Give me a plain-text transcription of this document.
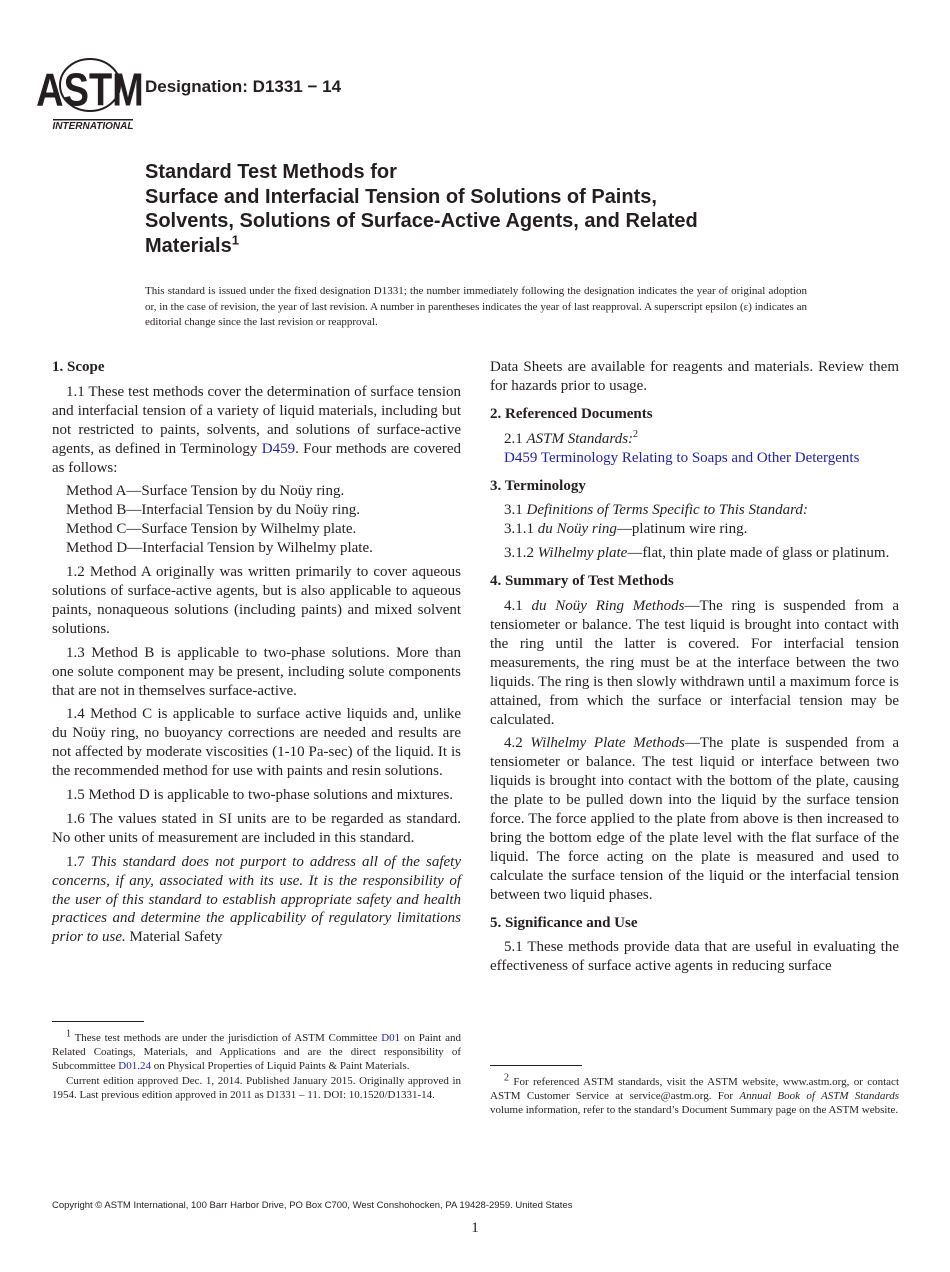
ASTM
INTERNATIONAL
Designation: D1331 − 14
Standard Test Methods for
Surface and Interfacial Tension of Solutions of Paints,
Solvents, Solutions of Surface-Active Agents, and Related
Materials$^1$
This standard is issued under the fixed designation D1331; the number immediately following the designation indicates the year of original adoption or, in the case of revision, the year of last revision. A number in parentheses indicates the year of last reapproval. A superscript epsilon (ε) indicates an editorial change since the last revision or reapproval.
1. Scope
1.1 These test methods cover the determination of surface tension and interfacial tension of a variety of liquid materials, including but not restricted to paints, solvents, and solutions of surface-active agents, as defined in Terminology D459. Four methods are covered as follows:
Method A—Surface Tension by du Noüy ring.
Method B—Interfacial Tension by du Noüy ring.
Method C—Surface Tension by Wilhelmy plate.
Method D—Interfacial Tension by Wilhelmy plate.
1.2 Method A originally was written primarily to cover aqueous solutions of surface-active agents, but is also applicable to aqueous paints, nonaqueous solutions (including paints) and mixed solvent solutions.
1.3 Method B is applicable to two-phase solutions. More than one solute component may be present, including solute components that are not in themselves surface-active.
1.4 Method C is applicable to surface active liquids and, unlike du Noüy ring, no buoyancy corrections are needed and results are not affected by moderate viscosities (1-10 Pa-sec) of the liquid. It is the recommended method for use with paints and resin solutions.
1.5 Method D is applicable to two-phase solutions and mixtures.
1.6 The values stated in SI units are to be regarded as standard. No other units of measurement are included in this standard.
1.7 This standard does not purport to address all of the safety concerns, if any, associated with its use. It is the responsibility of the user of this standard to establish appropriate safety and health practices and determine the applicability of regulatory limitations prior to use. Material Safety
Data Sheets are available for reagents and materials. Review them for hazards prior to usage.
2. Referenced Documents
2.1 ASTM Standards:$^2$
D459 Terminology Relating to Soaps and Other Detergents
3. Terminology
3.1 Definitions of Terms Specific to This Standard:
3.1.1 du Noüy ring—platinum wire ring.
3.1.2 Wilhelmy plate—flat, thin plate made of glass or platinum.
4. Summary of Test Methods
4.1 du Noüy Ring Methods—The ring is suspended from a tensiometer or balance. The test liquid is brought into contact with the ring until the latter is covered. For interfacial tension measurements, the ring must be at the interface between the two liquids. The ring is then slowly withdrawn until a maximum force is attained, from which the surface or interfacial tension may be calculated.
4.2 Wilhelmy Plate Methods—The plate is suspended from a tensiometer or balance. The test liquid or interface between two liquids is brought into contact with the bottom of the plate, causing the plate to be pulled down into the liquid by the surface tension force. The force applied to the plate from above is then increased to bring the bottom edge of the plate level with the flat surface of the liquid. The force acting on the plate is measured and used to calculate the surface tension of the liquid or the interfacial tension between two liquid phases.
5. Significance and Use
5.1 These methods provide data that are useful in evaluating the effectiveness of surface active agents in reducing surface

$^1$ These test methods are under the jurisdiction of ASTM Committee D01 on Paint and Related Coatings, Materials, and Applications and are the direct responsibility of Subcommittee D01.24 on Physical Properties of Liquid Paints & Paint Materials.

Current edition approved Dec. 1, 2014. Published January 2015. Originally approved in 1954. Last previous edition approved in 2011 as D1331 – 11. DOI: 10.1520/D1331-14.

$^2$ For referenced ASTM standards, visit the ASTM website, www.astm.org, or contact ASTM Customer Service at service@astm.org. For Annual Book of ASTM Standards volume information, refer to the standard’s Document Summary page on the ASTM website.

Copyright © ASTM International, 100 Barr Harbor Drive, PO Box C700, West Conshohocken, PA 19428-2959. United States
1
